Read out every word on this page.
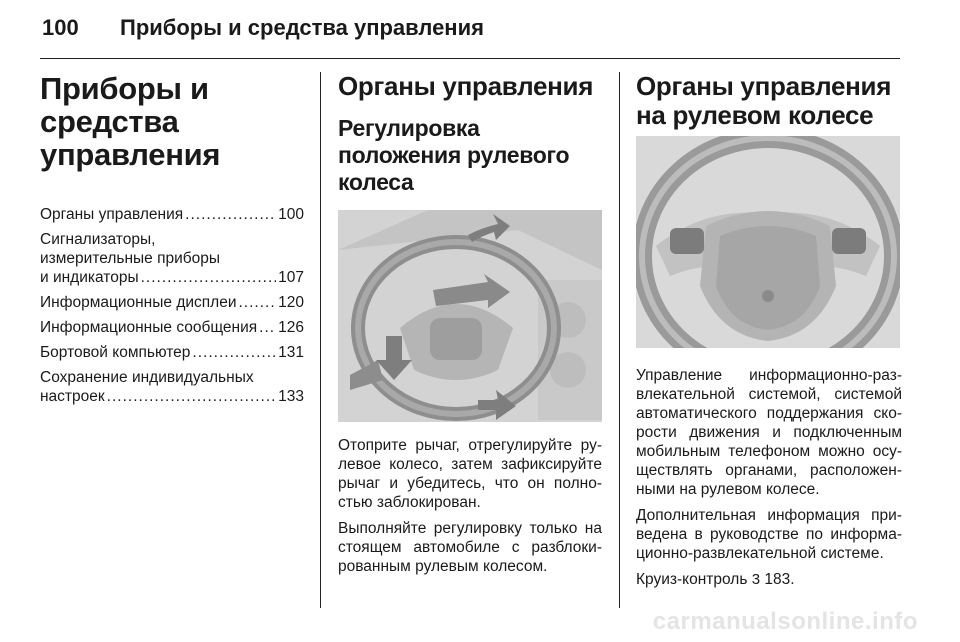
100	Приборы и средства управления
Приборы и средства управления
Органы управления .....	100
Сигнализаторы,
измерительные приборы
и индикаторы .....	107
Информационные дисплеи .....	120
Информационные сообщения ..... 126
Бортовой компьютер .....	131
Сохранение индивидуальных
настроек .....	133
Органы управления
Регулировка положения рулевого колеса

Отоприте рычаг, отрегулируйте ру-левое колесо, затем зафиксируйте рычаг и убедитесь, что он полно-стью заблокирован.

Выполняйте регулировку только на стоящем автомобиле с разблоки-рованным рулевым колесом.

Органы управления на рулевом колесе

Управление информационно-раз-влекательной системой, системой автоматического поддержания ско-рости движения и подключенным мобильным телефоном можно осу-ществлять органами, расположен-ными на рулевом колесе.

Дополнительная информация при-ведена в руководстве по информа-ционно-развлекательной системе.

Круиз-контроль 3 183.

carmanualsonline.info
